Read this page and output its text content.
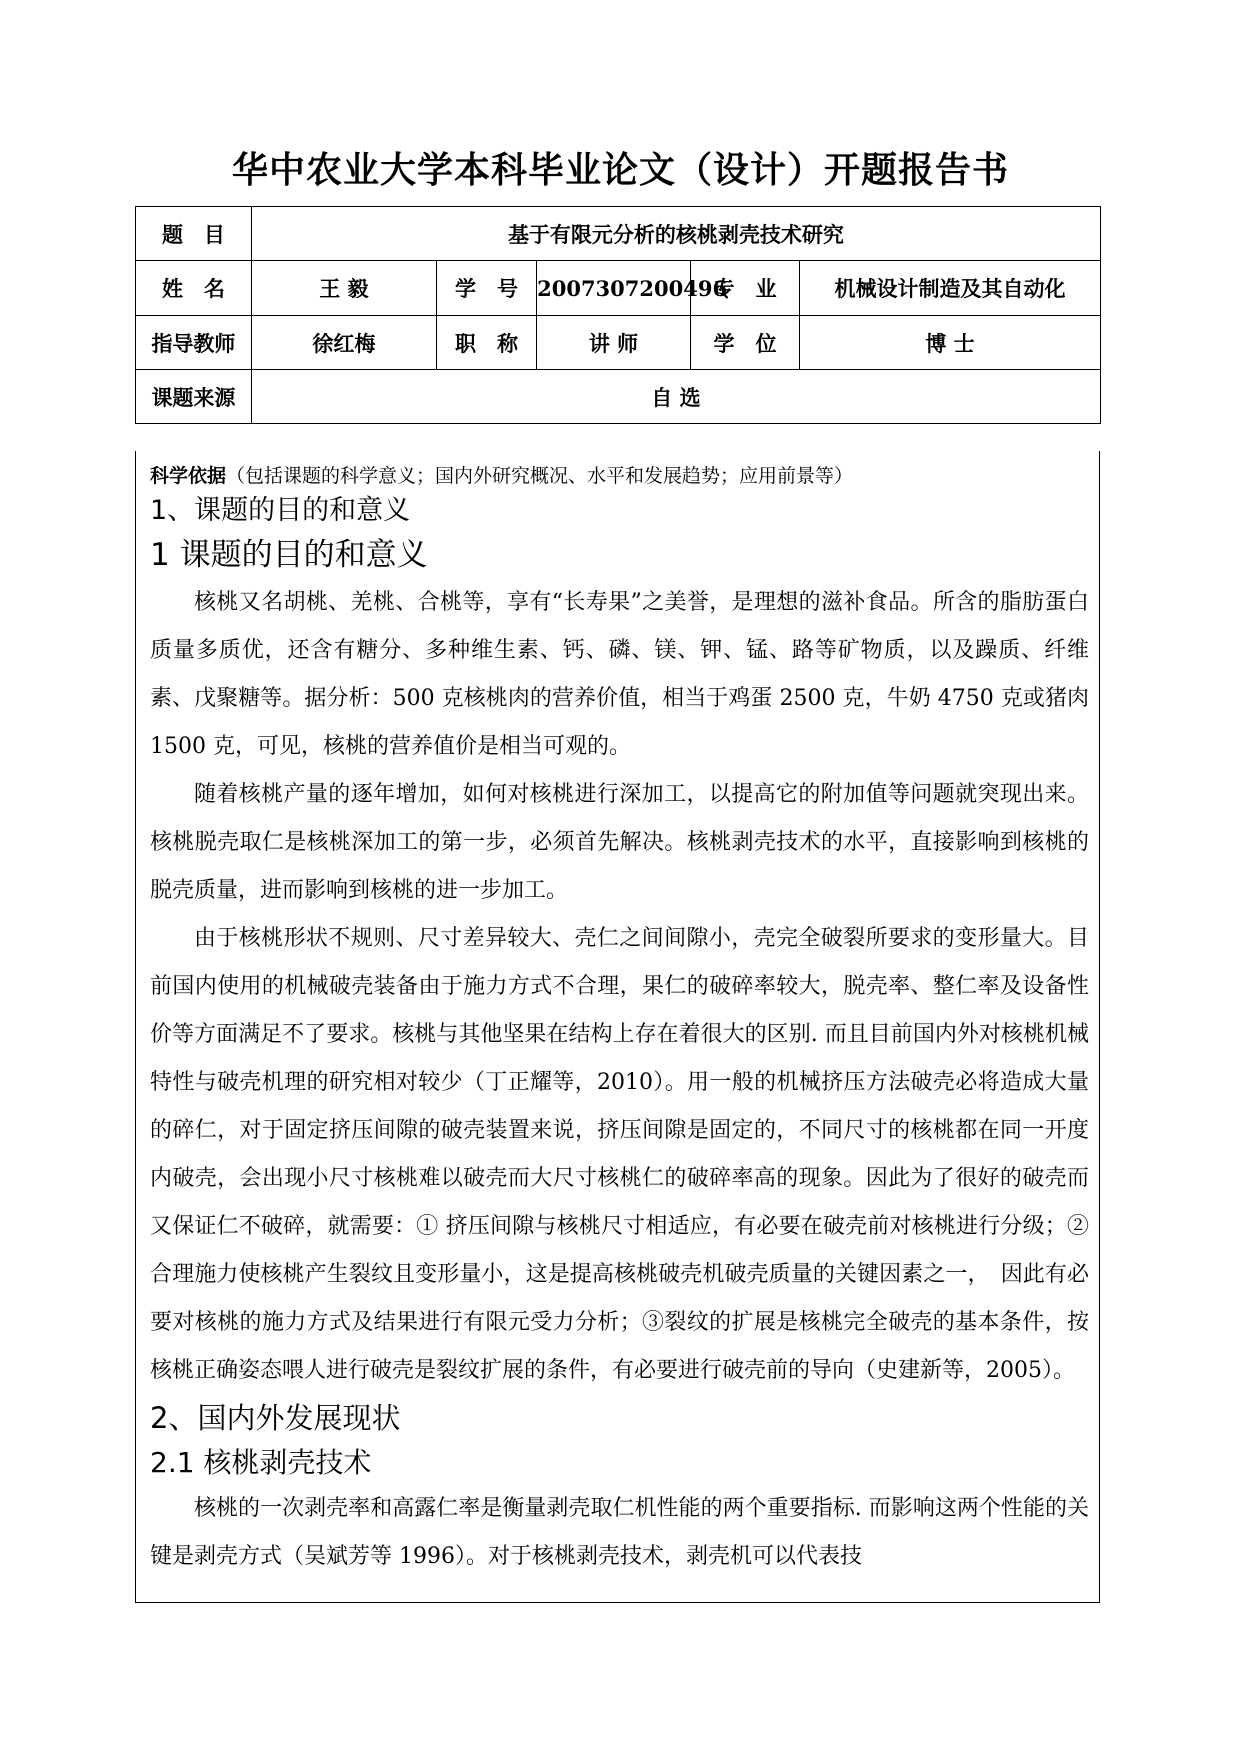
华中农业大学本科毕业论文（设计）开题报告书
题　目	基于有限元分析的核桃剥壳技术研究				
姓　名	王 毅	学　号	2007307200496	专　业	机械设计制造及其自动化
指导教师	徐红梅	职　称	讲 师	学　位	博 士
课题来源	自 选				
科学依据（包括课题的科学意义；国内外研究概况、水平和发展趋势；应用前景等）
1、课题的目的和意义
1 课题的目的和意义

核桃又名胡桃、羌桃、合桃等，享有“长寿果”之美誉，是理想的滋补食品。所含的脂肪蛋白质量多质优，还含有糖分、多种维生素、钙、磷、镁、钾、锰、路等矿物质，以及躁质、纤维素、戊聚糖等。据分析：500 克核桃肉的营养价值，相当于鸡蛋 2500 克，牛奶 4750 克或猪肉 1500 克，可见，核桃的营养值价是相当可观的。

随着核桃产量的逐年增加，如何对核桃进行深加工，以提高它的附加值等问题就突现出来。核桃脱壳取仁是核桃深加工的第一步，必须首先解决。核桃剥壳技术的水平，直接影响到核桃的脱壳质量，进而影响到核桃的进一步加工。

由于核桃形状不规则、尺寸差异较大、壳仁之间间隙小，壳完全破裂所要求的变形量大。目前国内使用的机械破壳装备由于施力方式不合理，果仁的破碎率较大，脱壳率、整仁率及设备性价等方面满足不了要求。核桃与其他坚果在结构上存在着很大的区别. 而且目前国内外对核桃机械特性与破壳机理的研究相对较少（丁正耀等，2010）。用一般的机械挤压方法破壳必将造成大量的碎仁，对于固定挤压间隙的破壳装置来说，挤压间隙是固定的，不同尺寸的核桃都在同一开度内破壳，会出现小尺寸核桃难以破壳而大尺寸核桃仁的破碎率高的现象。因此为了很好的破壳而又保证仁不破碎，就需要：① 挤压间隙与核桃尺寸相适应，有必要在破壳前对核桃进行分级；②合理施力使核桃产生裂纹且变形量小，这是提高核桃破壳机破壳质量的关键因素之一，　因此有必要对核桃的施力方式及结果进行有限元受力分析；③裂纹的扩展是核桃完全破壳的基本条件，按核桃正确姿态喂人进行破壳是裂纹扩展的条件，有必要进行破壳前的导向（史建新等，2005）。

2、国内外发展现状
2.1 核桃剥壳技术

核桃的一次剥壳率和高露仁率是衡量剥壳取仁机性能的两个重要指标. 而影响这两个性能的关键是剥壳方式（吴斌芳等 1996）。对于核桃剥壳技术，剥壳机可以代表技
